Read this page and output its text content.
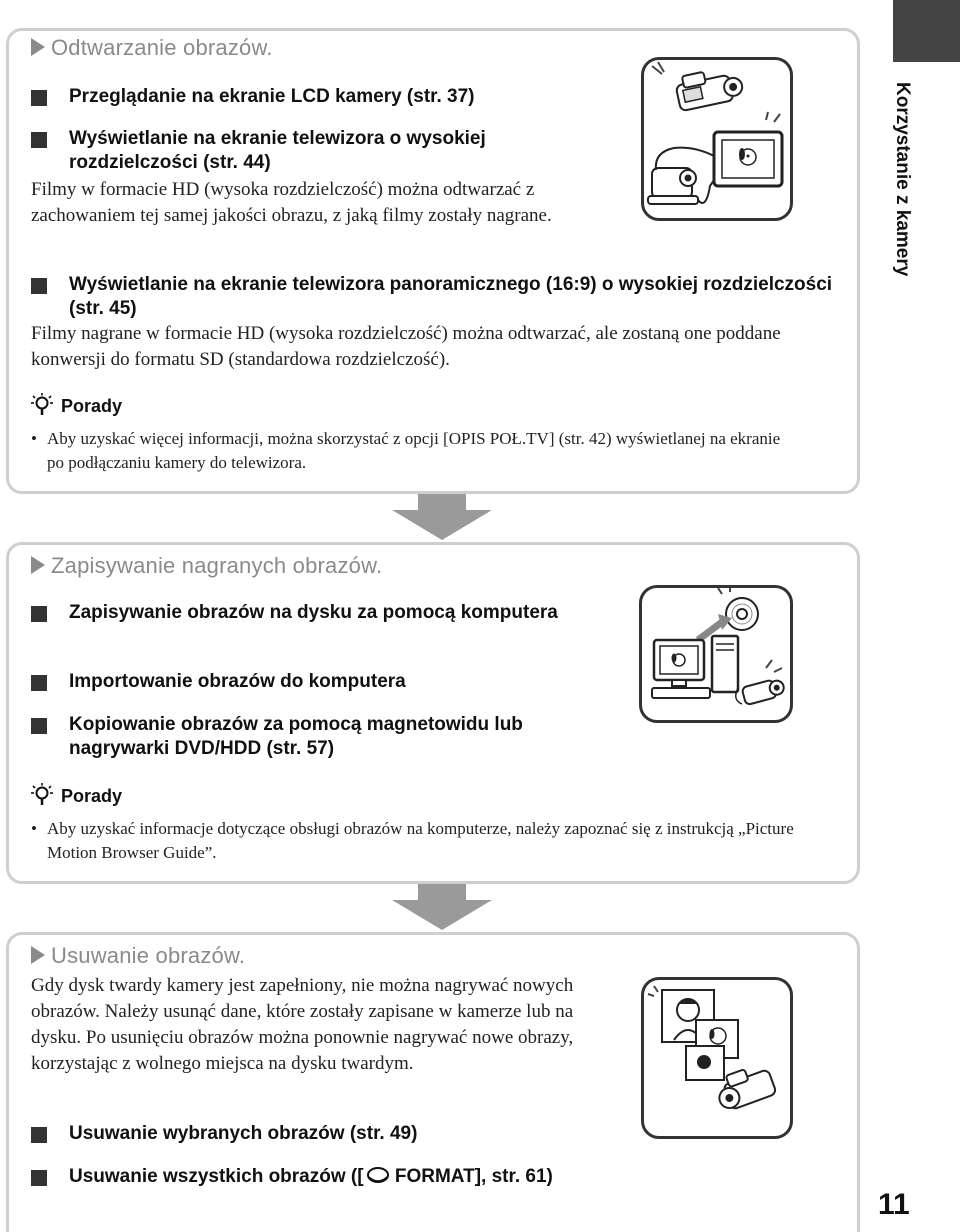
Korzystanie z kamery
Odtwarzanie obrazów.
Przeglądanie na ekranie LCD kamery (str. 37)
Wyświetlanie na ekranie telewizora o wysokiej rozdzielczości (str. 44)
Filmy w formacie HD (wysoka rozdzielczość) można odtwarzać z zachowaniem tej samej jakości obrazu, z jaką filmy zostały nagrane.
Wyświetlanie na ekranie telewizora panoramicznego (16:9) o wysokiej rozdzielczości (str. 45)
Filmy nagrane w formacie HD (wysoka rozdzielczość) można odtwarzać, ale zostaną one poddane konwersji do formatu SD (standardowa rozdzielczość).
Porady
• Aby uzyskać więcej informacji, można skorzystać z opcji [OPIS POŁ.TV] (str. 42) wyświetlanej na ekranie po podłączaniu kamery do telewizora.
Zapisywanie nagranych obrazów.
Zapisywanie obrazów na dysku za pomocą komputera
Importowanie obrazów do komputera
Kopiowanie obrazów za pomocą magnetowidu lub nagrywarki DVD/HDD (str. 57)
Porady
• Aby uzyskać informacje dotyczące obsługi obrazów na komputerze, należy zapoznać się z instrukcją „Picture Motion Browser Guide”.
Usuwanie obrazów.
Gdy dysk twardy kamery jest zapełniony, nie można nagrywać nowych obrazów. Należy usunąć dane, które zostały zapisane w kamerze lub na dysku. Po usunięciu obrazów można ponownie nagrywać nowe obrazy, korzystając z wolnego miejsca na dysku twardym.
Usuwanie wybranych obrazów (str. 49)
Usuwanie wszystkich obrazów ([ FORMAT], str. 61)
11
